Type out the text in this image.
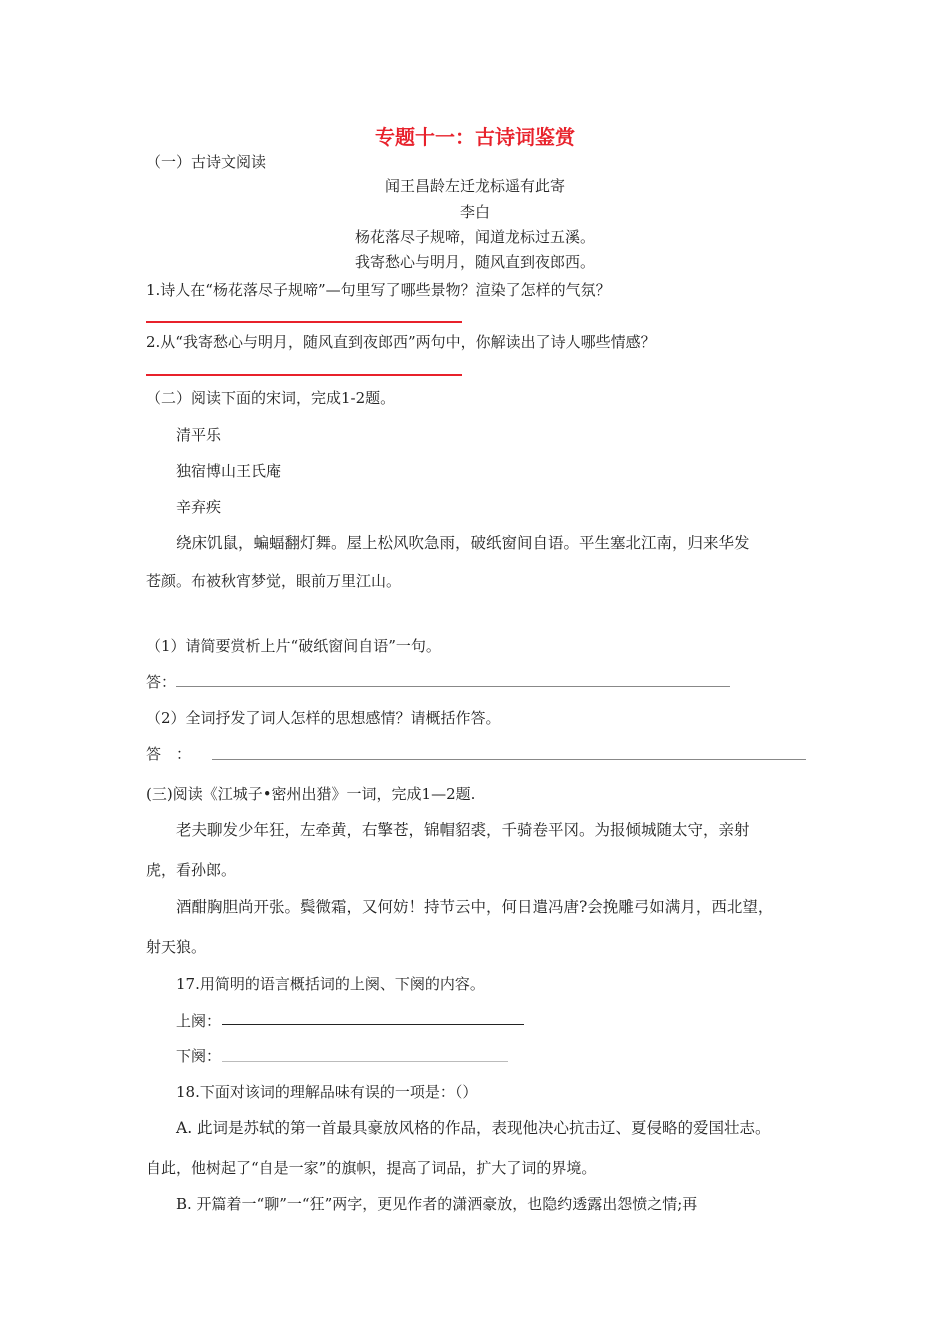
专题十一：古诗词鉴赏
（一）古诗文阅读
闻王昌龄左迁龙标遥有此寄
李白
杨花落尽子规啼，闻道龙标过五溪。
我寄愁心与明月，随风直到夜郎西。
1.诗人在“杨花落尽子规啼”—句里写了哪些景物？渲染了怎样的气氛？
2.从“我寄愁心与明月，随风直到夜郎西”两句中，你解读出了诗人哪些情感？
（二）阅读下面的宋词，完成1-2题。
清平乐
独宿博山王氏庵
辛弃疾
绕床饥鼠，蝙蝠翻灯舞。屋上松风吹急雨，破纸窗间自语。平生塞北江南，归来华发
苍颜。布被秋宵梦觉，眼前万里江山。
（1）请简要赏析上片“破纸窗间自语”一句。
答：
（2）全词抒发了词人怎样的思想感情？请概括作答。
答　：
(三)阅读《江城子•密州出猎》一词，完成1—2题.
老夫聊发少年狂，左牵黄，右擎苍，锦帽貂裘，千骑卷平冈。为报倾城随太守，亲射
虎，看孙郎。
酒酣胸胆尚开张。鬓微霜，又何妨！持节云中，何日遣冯唐?会挽雕弓如满月，西北望，
射天狼。
17.用简明的语言概括词的上阕、下阕的内容。
上阕：
下阕：
18.下面对该词的理解品味有误的一项是：（）
A. 此词是苏轼的第一首最具豪放风格的作品，表现他决心抗击辽、夏侵略的爱国壮志。
自此，他树起了“自是一家”的旗帜，提高了词品，扩大了词的界境。
B. 开篇着一“聊”一“狂”两字，更见作者的潇洒豪放，也隐约透露出怨愤之情;再
